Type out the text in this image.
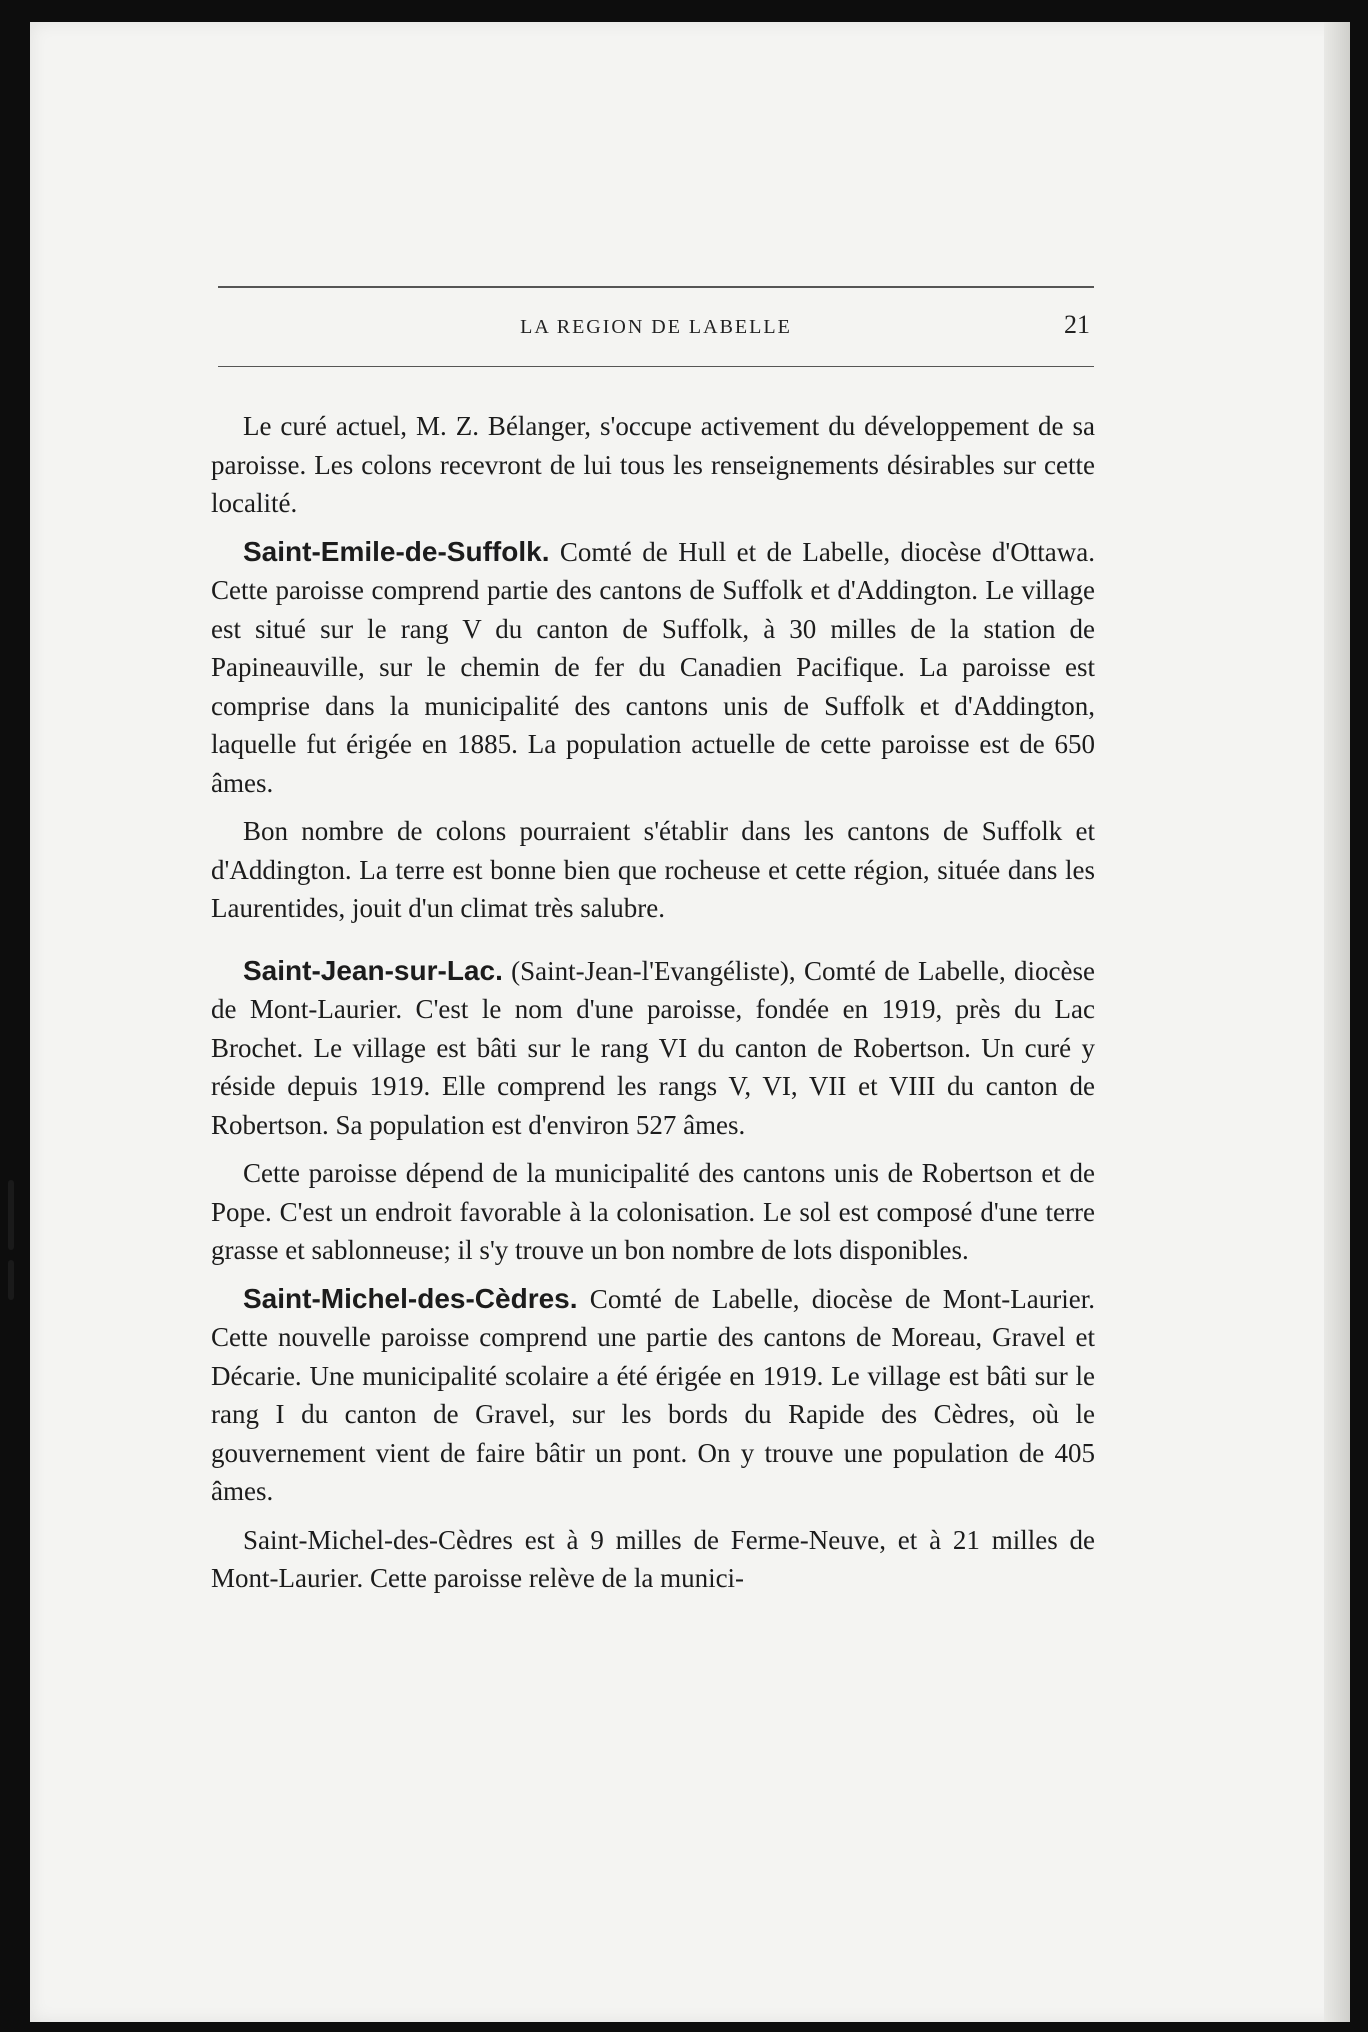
LA REGION DE LABELLE	21

Le curé actuel, M. Z. Bélanger, s'occupe activement du développement de sa paroisse. Les colons recevront de lui tous les renseignements désirables sur cette localité.

Saint-Emile-de-Suffolk. Comté de Hull et de Labelle, diocèse d'Ottawa. Cette paroisse comprend partie des cantons de Suffolk et d'Addington. Le village est situé sur le rang V du canton de Suffolk, à 30 milles de la station de Papineauville, sur le chemin de fer du Canadien Pacifique. La paroisse est comprise dans la municipalité des cantons unis de Suffolk et d'Addington, laquelle fut érigée en 1885. La population actuelle de cette paroisse est de 650 âmes.

Bon nombre de colons pourraient s'établir dans les cantons de Suffolk et d'Addington. La terre est bonne bien que rocheuse et cette région, située dans les Laurentides, jouit d'un climat très salubre.

Saint-Jean-sur-Lac. (Saint-Jean-l'Evangéliste), Comté de Labelle, diocèse de Mont-Laurier. C'est le nom d'une paroisse, fondée en 1919, près du Lac Brochet. Le village est bâti sur le rang VI du canton de Robertson. Un curé y réside depuis 1919. Elle comprend les rangs V, VI, VII et VIII du canton de Robertson. Sa population est d'environ 527 âmes.

Cette paroisse dépend de la municipalité des cantons unis de Robertson et de Pope. C'est un endroit favorable à la colonisation. Le sol est composé d'une terre grasse et sablonneuse; il s'y trouve un bon nombre de lots disponibles.

Saint-Michel-des-Cèdres. Comté de Labelle, diocèse de Mont-Laurier. Cette nouvelle paroisse comprend une partie des cantons de Moreau, Gravel et Décarie. Une municipalité scolaire a été érigée en 1919. Le village est bâti sur le rang I du canton de Gravel, sur les bords du Rapide des Cèdres, où le gouvernement vient de faire bâtir un pont. On y trouve une population de 405 âmes.

Saint-Michel-des-Cèdres est à 9 milles de Ferme-Neuve, et à 21 milles de Mont-Laurier. Cette paroisse relève de la munici-
